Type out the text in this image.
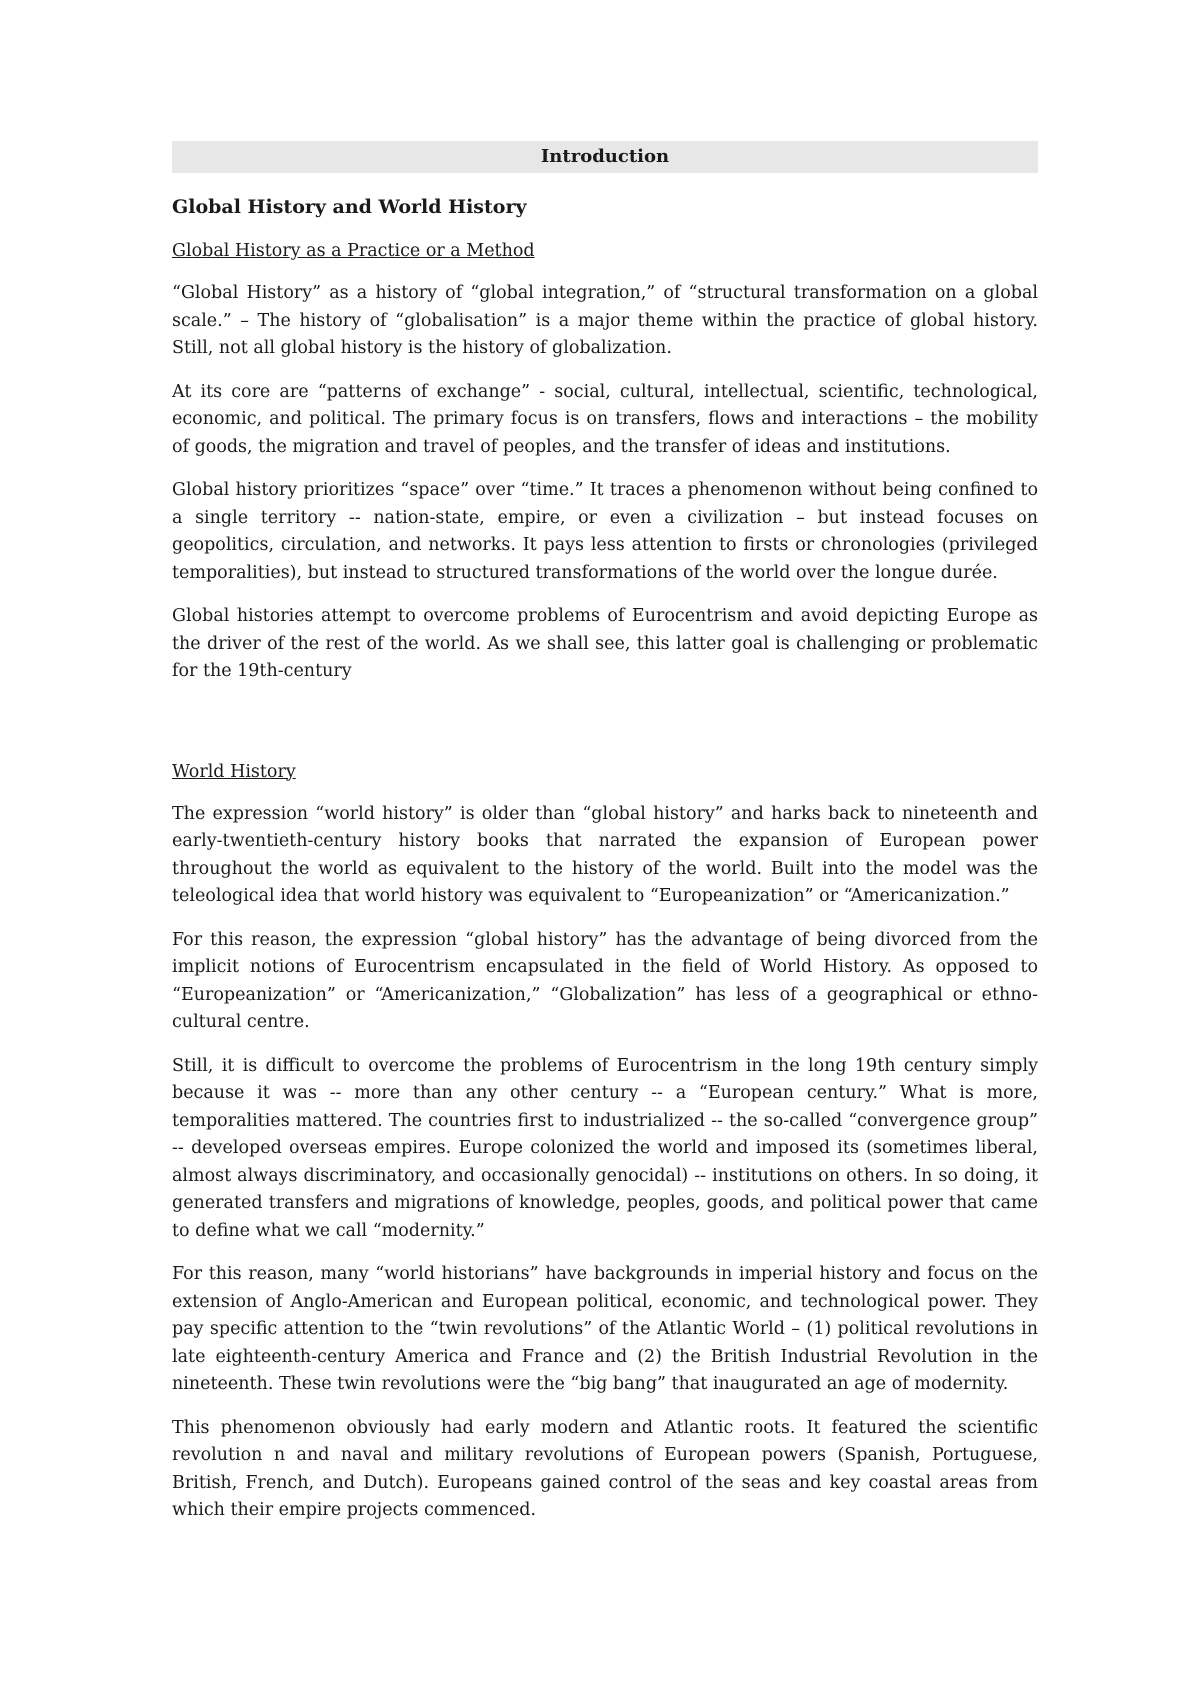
Introduction
Global History and World History
Global History as a Practice or a Method

“Global History” as a history of “global integration,” of “structural transformation on a global scale.” – The history of “globalisation” is a major theme within the practice of global history. Still, not all global history is the history of globalization.

At its core are “patterns of exchange” - social, cultural, intellectual, scientific, technological, economic, and political. The primary focus is on transfers, flows and interactions – the mobility of goods, the migration and travel of peoples, and the transfer of ideas and institutions.

Global history prioritizes “space” over “time.” It traces a phenomenon without being confined to a single territory -- nation-state, empire, or even a civilization – but instead focuses on geopolitics, circulation, and networks. It pays less attention to firsts or chronologies (privileged temporalities), but instead to structured transformations of the world over the longue durée.

Global histories attempt to overcome problems of Eurocentrism and avoid depicting Europe as the driver of the rest of the world. As we shall see, this latter goal is challenging or problematic for the 19th-century

World History

The expression “world history” is older than “global history” and harks back to nineteenth and early-twentieth-century history books that narrated the expansion of European power throughout the world as equivalent to the history of the world. Built into the model was the teleological idea that world history was equivalent to “Europeanization” or “Americanization.”

For this reason, the expression “global history” has the advantage of being divorced from the implicit notions of Eurocentrism encapsulated in the field of World History. As opposed to “Europeanization” or “Americanization,” “Globalization” has less of a geographical or ethno-cultural centre.

Still, it is difficult to overcome the problems of Eurocentrism in the long 19th century simply because it was -- more than any other century -- a “European century.” What is more, temporalities mattered. The countries first to industrialized -- the so-called “convergence group” -- developed overseas empires. Europe colonized the world and imposed its (sometimes liberal, almost always discriminatory, and occasionally genocidal) -- institutions on others. In so doing, it generated transfers and migrations of knowledge, peoples, goods, and political power that came to define what we call “modernity.”

For this reason, many “world historians” have backgrounds in imperial history and focus on the extension of Anglo-American and European political, economic, and technological power. They pay specific attention to the “twin revolutions” of the Atlantic World – (1) political revolutions in late eighteenth-century America and France and (2) the British Industrial Revolution in the nineteenth. These twin revolutions were the “big bang” that inaugurated an age of modernity.

This phenomenon obviously had early modern and Atlantic roots. It featured the scientific revolution n and naval and military revolutions of European powers (Spanish, Portuguese, British, French, and Dutch). Europeans gained control of the seas and key coastal areas from which their empire projects commenced.
